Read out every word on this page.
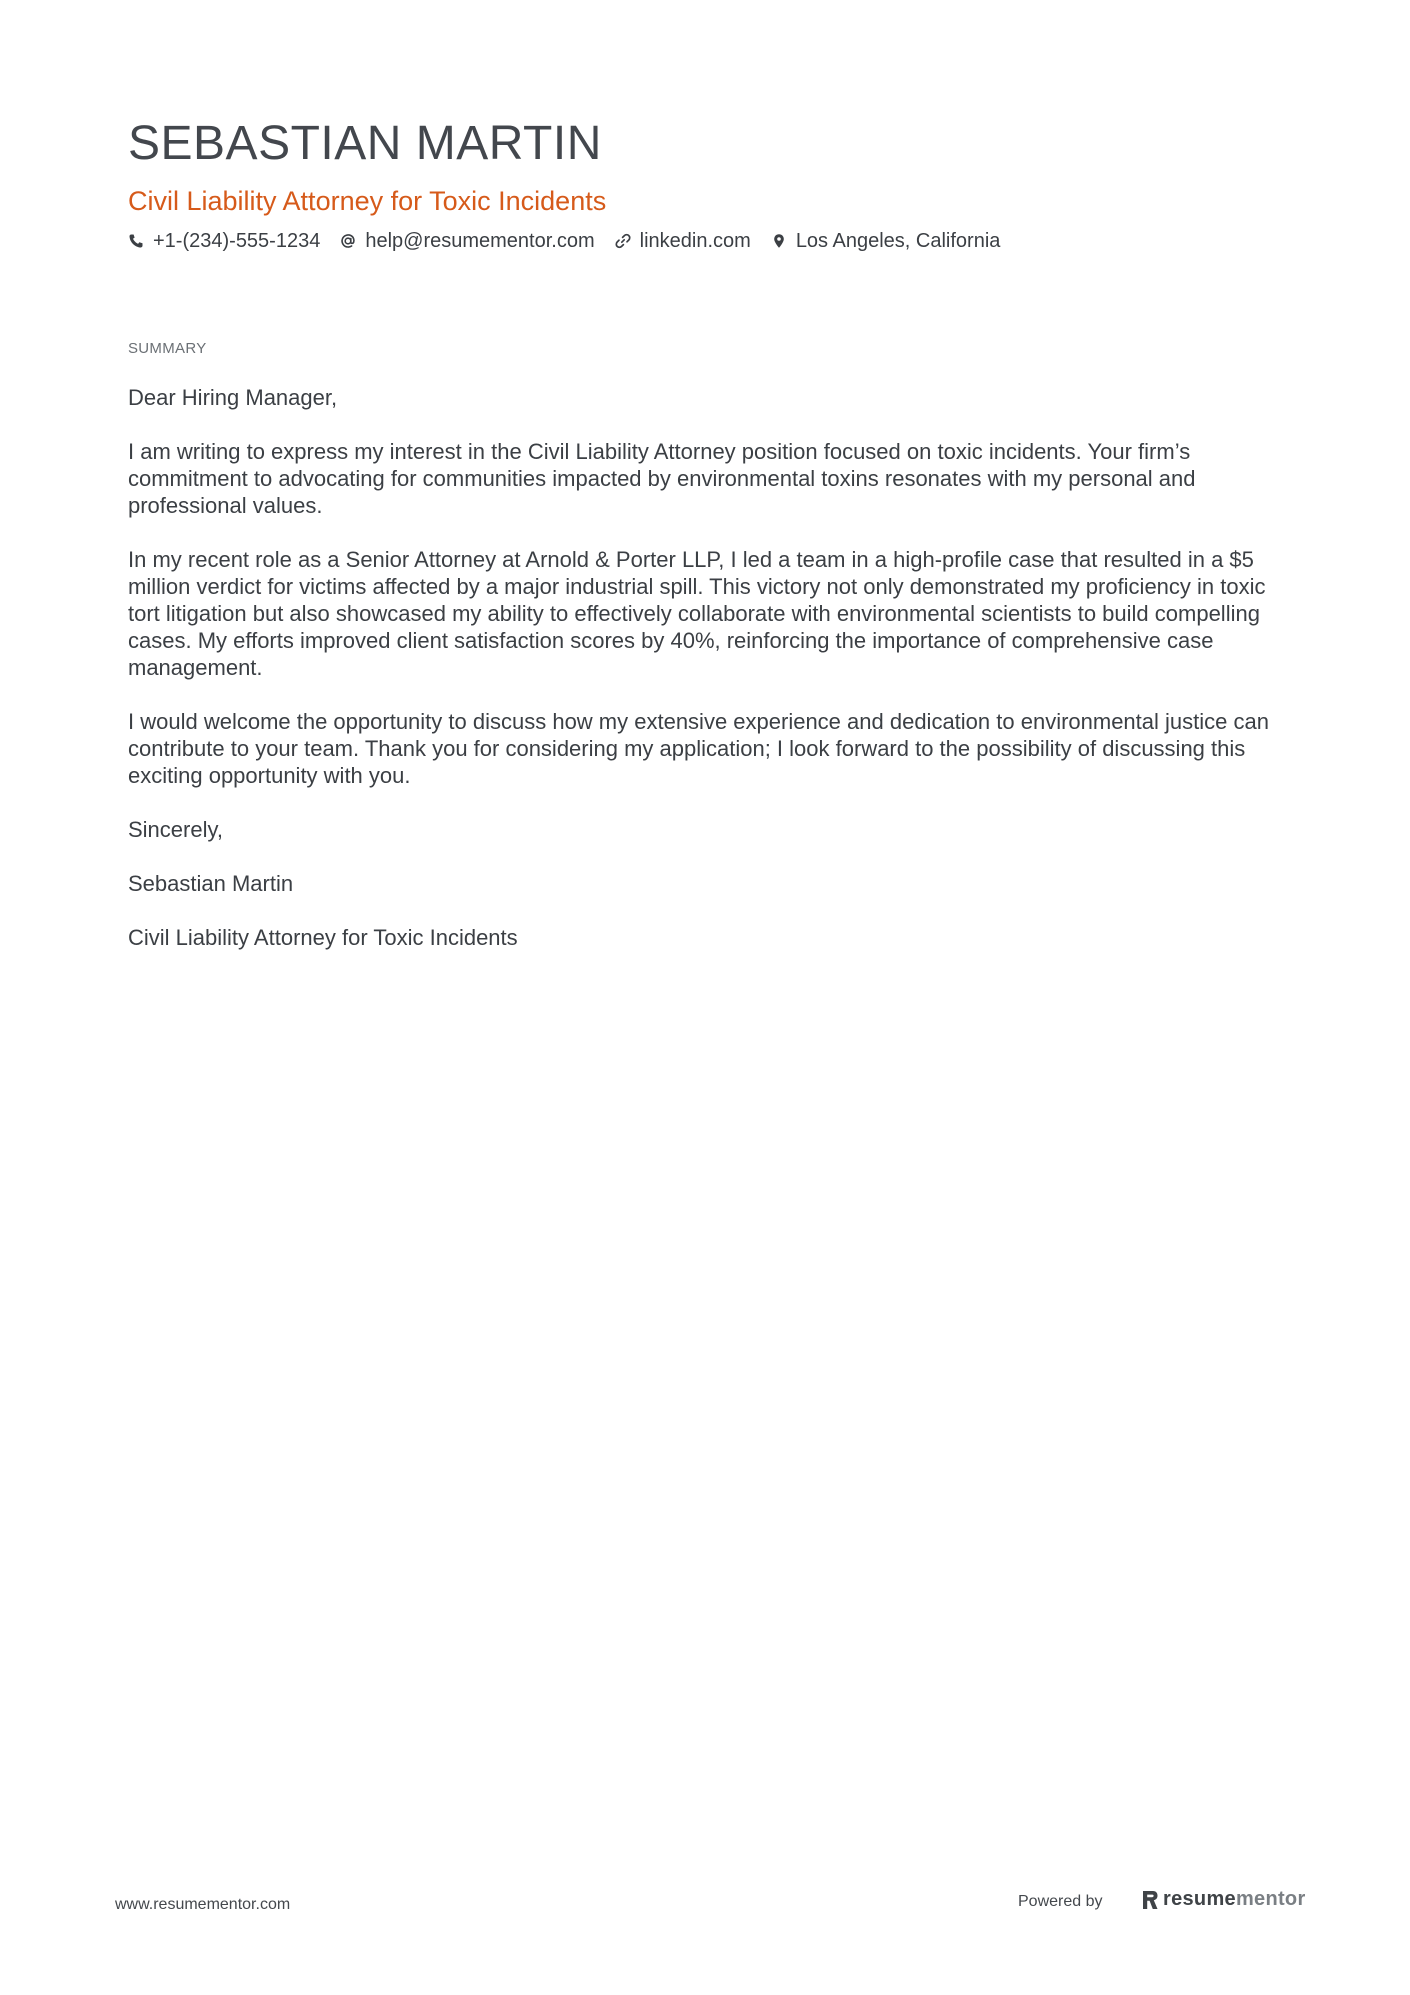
SEBASTIAN MARTIN
Civil Liability Attorney for Toxic Incidents
+1-(234)-555-1234 help@resumementor.com linkedin.com Los Angeles, California
SUMMARY

Dear Hiring Manager,

I am writing to express my interest in the Civil Liability Attorney position focused on toxic incidents. Your firm’s commitment to advocating for communities impacted by environmental toxins resonates with my personal and professional values.

In my recent role as a Senior Attorney at Arnold & Porter LLP, I led a team in a high-profile case that resulted in a $5 million verdict for victims affected by a major industrial spill. This victory not only demonstrated my proficiency in toxic tort litigation but also showcased my ability to effectively collaborate with environmental scientists to build compelling cases. My efforts improved client satisfaction scores by 40%, reinforcing the importance of comprehensive case management.

I would welcome the opportunity to discuss how my extensive experience and dedication to environmental justice can contribute to your team. Thank you for considering my application; I look forward to the possibility of discussing this exciting opportunity with you.

Sincerely,

Sebastian Martin

Civil Liability Attorney for Toxic Incidents

www.resumementor.com	Powered by	resumementor
